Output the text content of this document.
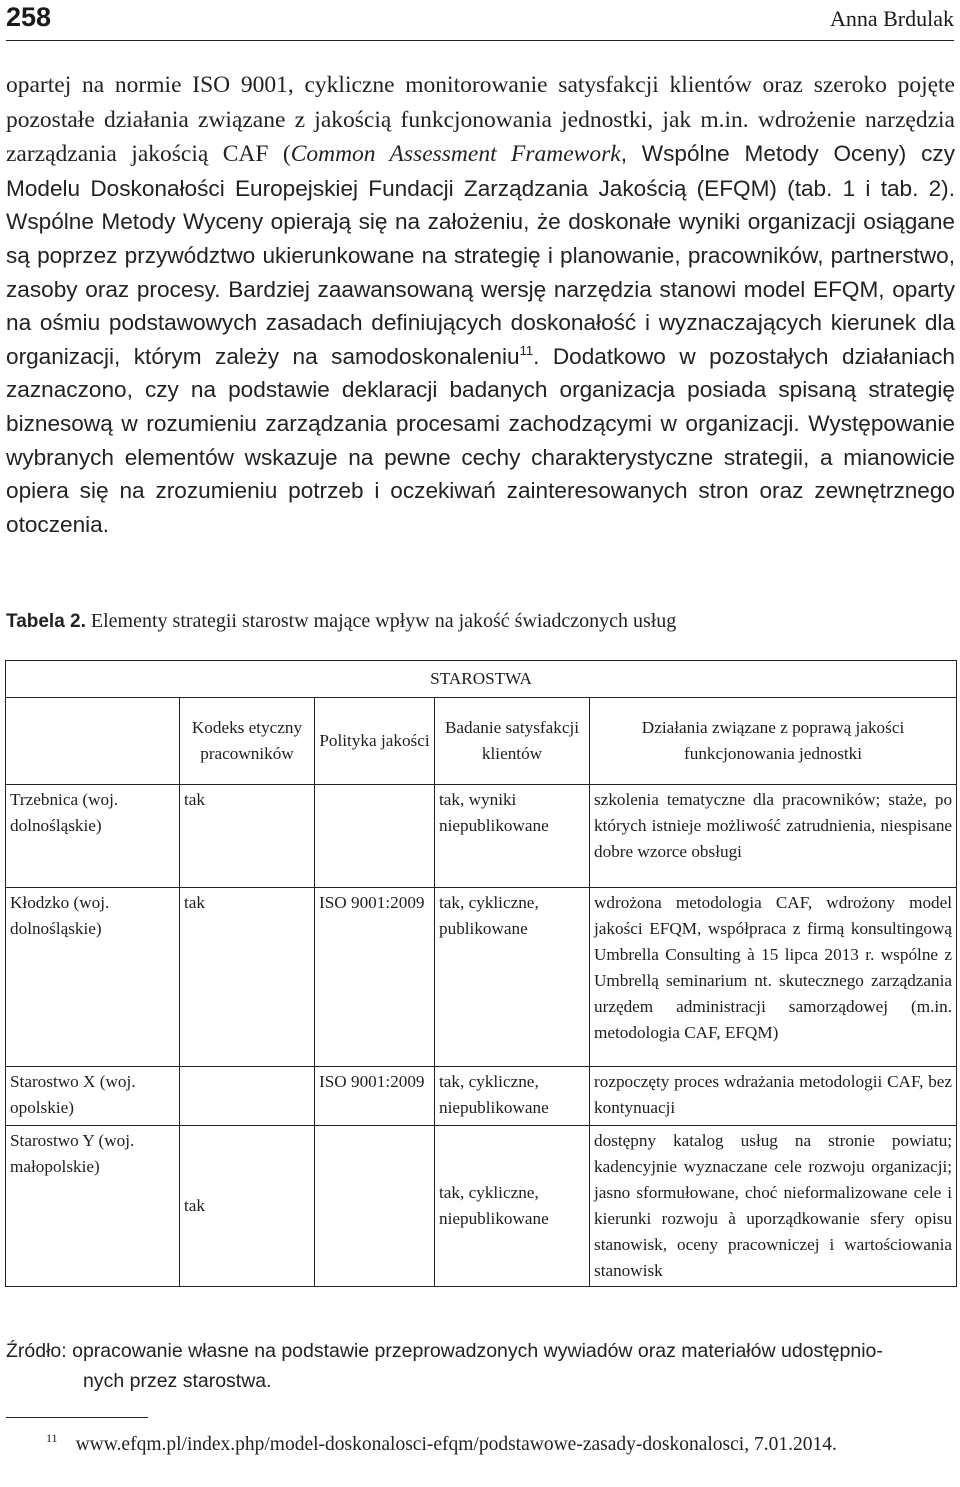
258	Anna Brdulak
opartej na normie ISO 9001, cykliczne monitorowanie satysfakcji klientów oraz szeroko pojęte pozostałe działania związane z jakością funkcjonowania jednostki, jak m.in. wdrożenie narzędzia zarządzania jakością CAF (Common Assessment Framework, Wspólne Metody Oceny) czy Modelu Doskonałości Europejskiej Fundacji Zarządzania Jakością (EFQM) (tab. 1 i tab. 2). Wspólne Metody Wyceny opierają się na założeniu, że doskonałe wyniki organizacji osiągane są poprzez przywództwo ukierunkowane na strategię i planowanie, pracowników, partnerstwo, zasoby oraz procesy. Bardziej zaawansowaną wersję narzędzia stanowi model EFQM, oparty na ośmiu podstawowych zasadach definiujących doskonałość i wyznaczających kierunek dla organizacji, którym zależy na samodoskonaleniu$^{11}$. Dodatkowo w pozostałych działaniach zaznaczono, czy na podstawie deklaracji badanych organizacja posiada spisaną strategię biznesową w rozumieniu zarządzania procesami zachodzącymi w organizacji. Występowanie wybranych elementów wskazuje na pewne cechy charakterystyczne strategii, a mianowicie opiera się na zrozumieniu potrzeb i oczekiwań zainteresowanych stron oraz zewnętrznego otoczenia.
Tabela 2. Elementy strategii starostw mające wpływ na jakość świadczonych usług
STAROSTWA				
	Kodeks etyczny pracowników	Polityka jakości	Badanie satysfakcji klientów	Działania związane z poprawą jakości funkcjonowania jednostki
Trzebnica (woj. dolnośląskie)	tak		tak, wyniki niepublikowane	szkolenia tematyczne dla pracowników; staże, po których istnieje możliwość zatrudnienia, niespisane dobre wzorce obsługi
Kłodzko (woj. dolnośląskie)	tak	ISO 9001:2009	tak, cykliczne, publikowane	wdrożona metodologia CAF, wdrożony model jakości EFQM, współpraca z firmą konsultingową Umbrella Consulting à 15 lipca 2013 r. wspólne z Umbrellą seminarium nt. skutecznego zarządzania urzędem administracji samorządowej (m.in. metodologia CAF, EFQM)
Starostwo X (woj. opolskie)		ISO 9001:2009	tak, cykliczne, niepublikowane	rozpoczęty proces wdrażania metodologii CAF, bez kontynuacji
Starostwo Y (woj. małopolskie)	tak		tak, cykliczne, niepublikowane	dostępny katalog usług na stronie powiatu; kadencyjnie wyznaczane cele rozwoju organizacji; jasno sformułowane, choć nieformalizowane cele i kierunki rozwoju à uporządkowanie sfery opisu stanowisk, oceny pracowniczej i wartościowania stanowisk
Źródło: opracowanie własne na podstawie przeprowadzonych wywiadów oraz materiałów udostępnio-
nych przez starostwa.
$^{11}$ www.efqm.pl/index.php/model-doskonalosci-efqm/podstawowe-zasady-doskonalosci, 7.01.2014.
